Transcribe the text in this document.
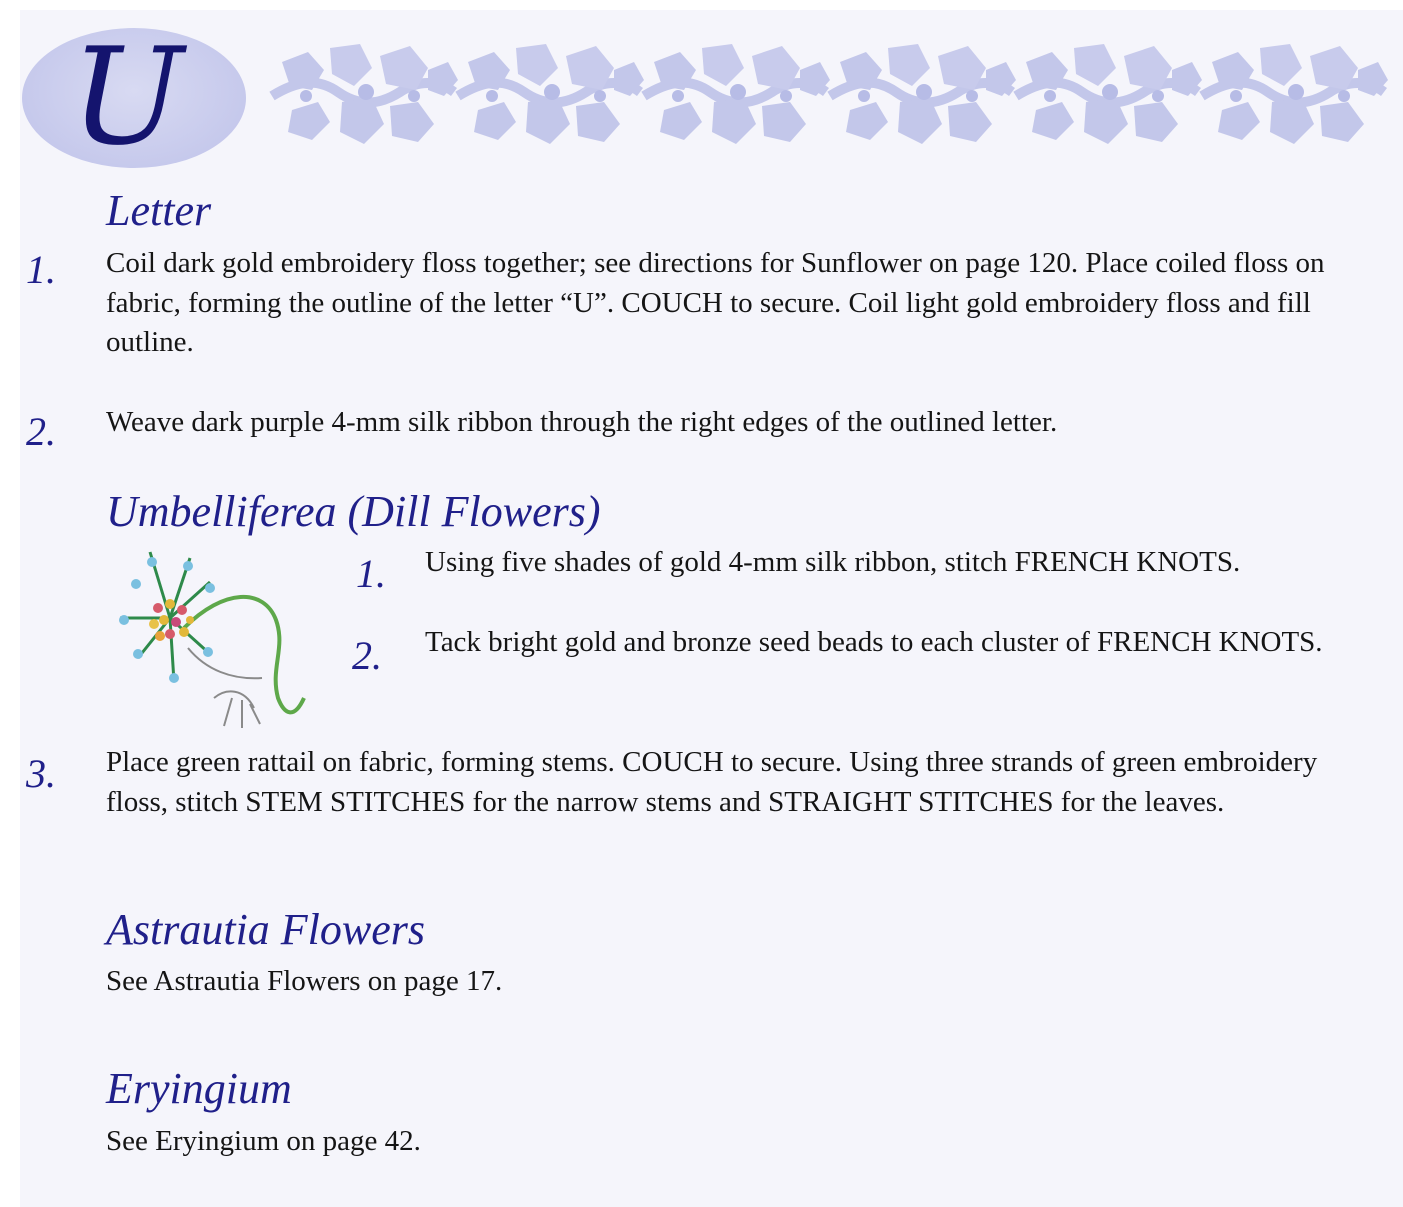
U
Letter
1. Coil dark gold embroidery floss together; see directions for Sunflower on page 120. Place coiled floss on fabric, forming the outline of the letter “U”. COUCH to secure. Coil light gold embroidery floss and fill outline.

2. Weave dark purple 4-mm silk ribbon through the right edges of the outlined letter.

Umbelliferea (Dill Flowers)
1. Using five shades of gold 4-mm silk ribbon, stitch FRENCH KNOTS.

2. Tack bright gold and bronze seed beads to each cluster of FRENCH KNOTS.

3. Place green rattail on fabric, forming stems. COUCH to secure. Using three strands of green embroidery floss, stitch STEM STITCHES for the narrow stems and STRAIGHT STITCHES for the leaves.

Astrautia Flowers

See Astrautia Flowers on page 17.

Eryingium

See Eryingium on page 42.
